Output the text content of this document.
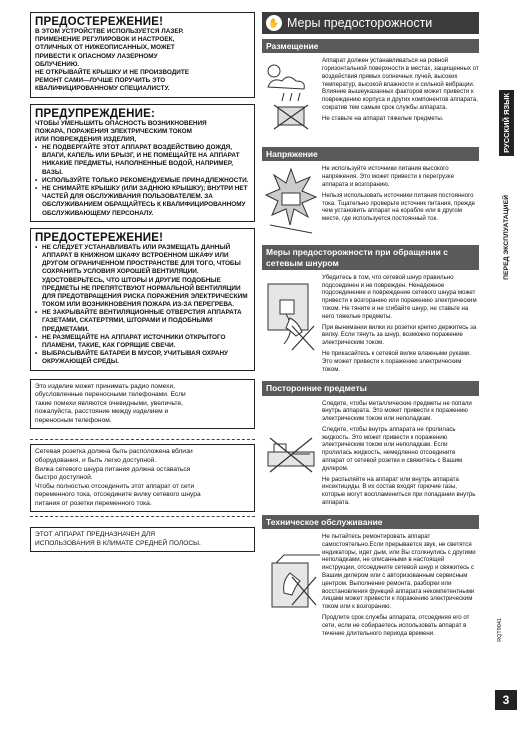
ПРЕДОСТЕРЕЖЕНИЕ!
В ЭТОМ УСТРОЙСТВЕ ИСПОЛЬЗУЕТСЯ ЛАЗЕР.
ПРИМЕНЕНИЕ РЕГУЛИРОВОК И НАСТРОЕК,
ОТЛИЧНЫХ ОТ НИЖЕОПИСАННЫХ, МОЖЕТ
ПРИВЕСТИ К ОПАСНОМУ ЛАЗЕРНОМУ
ОБЛУЧЕНИЮ.
НЕ ОТКРЫВАЙТЕ КРЫШКУ И НЕ ПРОИЗВОДИТЕ
РЕМОНТ САМИ—ЛУЧШЕ ПОРУЧИТЬ ЭТО
КВАЛИФИЦИРОВАННОМУ СПЕЦИАЛИСТУ.
ПРЕДУПРЕЖДЕНИЕ:
ЧТОБЫ УМЕНЬШИТЬ ОПАСНОСТЬ ВОЗНИКНОВЕНИЯ
ПОЖАРА, ПОРАЖЕНИЯ ЭЛЕКТРИЧЕСКИМ ТОКОМ
ИЛИ ПОВРЕЖДЕНИЯ ИЗДЕЛИЯ,
• НЕ ПОДВЕРГАЙТЕ ЭТОТ АППАРАТ ВОЗДЕЙСТВИЮ ДОЖДЯ, ВЛАГИ, КАПЕЛЬ ИЛИ БРЫЗГ, И НЕ ПОМЕЩАЙТЕ НА АППАРАТ НИКАКИЕ ПРЕДМЕТЫ, НАПОЛНЕННЫЕ ВОДОЙ, НАПРИМЕР, ВАЗЫ.
• ИСПОЛЬЗУЙТЕ ТОЛЬКО РЕКОМЕНДУЕМЫЕ ПРИНАДЛЕЖНОСТИ.
• НЕ СНИМАЙТЕ КРЫШКУ (ИЛИ ЗАДНЮЮ КРЫШКУ); ВНУТРИ НЕТ ЧАСТЕЙ ДЛЯ ОБСЛУЖИВАНИЯ ПОЛЬЗОВАТЕЛЕМ. ЗА ОБСЛУЖИВАНИЕМ ОБРАЩАЙТЕСЬ К КВАЛИФИЦИРОВАННОМУ ОБСЛУЖИВАЮЩЕМУ ПЕРСОНАЛУ.
ПРЕДОСТЕРЕЖЕНИЕ!
• НЕ СЛЕДУЕТ УСТАНАВЛИВАТЬ ИЛИ РАЗМЕЩАТЬ ДАННЫЙ АППАРАТ В КНИЖНОМ ШКАФУ ВСТРОЕННОМ ШКАФУ ИЛИ ДРУГОМ ОГРАНИЧЕННОМ ПРОСТРАНСТВЕ ДЛЯ ТОГО, ЧТОБЫ СОХРАНИТЬ УСЛОВИЯ ХОРОШЕЙ ВЕНТИЛЯЦИИ. УДОСТОВЕРЬТЕСЬ, ЧТО ШТОРЫ И ДРУГИЕ ПОДОБНЫЕ ПРЕДМЕТЫ НЕ ПРЕПЯТСТВУЮТ НОРМАЛЬНОЙ ВЕНТИЛЯЦИИ ДЛЯ ПРЕДОТВРАЩЕНИЯ РИСКА ПОРАЖЕНИЯ ЭЛЕКТРИЧЕСКИМ ТОКОМ ИЛИ ВОЗНИКНОВЕНИЯ ПОЖАРА ИЗ-ЗА ПЕРЕГРЕВА.
• НЕ ЗАКРЫВАЙТЕ ВЕНТИЛЯЦИОННЫЕ ОТВЕРСТИЯ АППАРАТА ГАЗЕТАМИ, СКАТЕРТЯМИ, ШТОРАМИ И ПОДОБНЫМИ ПРЕДМЕТАМИ.
• НЕ РАЗМЕЩАЙТЕ НА АППАРАТ ИСТОЧНИКИ ОТКРЫТОГО ПЛАМЕНИ, ТАКИЕ, КАК ГОРЯЩИЕ СВЕЧИ.
• ВЫБРАСЫВАЙТЕ БАТАРЕИ В МУСОР, УЧИТЫВАЯ ОХРАНУ ОКРУЖАЮЩЕЙ СРЕДЫ.
Это изделие может принимать радио помехи,
обусловленные переносными телефонами. Если
такие помехи являются очевидными, увеличьте,
пожалуйста, расстояние между изделием и
переносным телефоном.
Сетевая розетка должна быть расположена вблизи
оборудования, и быть легко доступной.
Вилка сетевого шнура питания должна оставаться
быстро доступной.
Чтобы полностью отсоединить этот аппарат от сети
переменного тока, отсоедините вилку сетевого шнура
питания от розетки переменного тока.
ЭТОТ АППАРАТ ПРЕДНАЗНАЧЕН ДЛЯ
ИСПОЛЬЗОВАНИЯ В КЛИМАТЕ СРЕДНЕЙ ПОЛОСЫ.
✋ Меры предосторожности
Размещение

Аппарат должен устанавливаться на ровной горизонтальной поверхности в местах, защищенных от воздействия прямых солнечных лучей, высоких температур, высокой влажности и сильной вибрации. Влияние вышеуказанных факторов может привести к повреждению корпуса и других компонентов аппарата, сократив тем самым срок службы аппарата.

Не ставьте на аппарат тяжелые предметы.

Напряжение

Не используйте источники питания высокого напряжения. Это может привести к перегрузке аппарата и возгоранию.

Нельзя использовать источники питания постоянного тока. Тщательно проверьте источник питания, прежде чем установить аппарат на корабле или в другом месте, где используется постоянный ток.

Меры предосторожности при обращении с сетевым шнуром

Убедитесь в том, что сетевой шнур правильно подсоединен и не поврежден. Ненадежное подсоединение и повреждение сетевого шнура может привести к возгоранию или поражению электрическим током. Не тяните и не сгибайте шнур, не ставьте на него тяжелые предметы.

При вынимании вилки из розетки крепко держитесь за вилку. Если тянуть за шнур, возможно поражение электрическим током.

Не прикасайтесь к сетевой вилке влажными руками. Это может привести к поражению электрическим током.

Посторонние предметы

Следите, чтобы металлические предметы не попали внутрь аппарата. Это может привести к поражению электрическим током или неполадкам.

Следите, чтобы внутрь аппарата не пролилась жидкость. Это может привести к поражению электрическим током или неполадкам. Если пролилась жидкость, немедленно отсоедините аппарат от сетевой розетки и свяжитесь с Вашим дилером.

Не распыляйте на аппарат или внутрь аппарата инсектициды. В их состав входят горючие газы, которые могут воспламениться при попадании внутрь аппарата.

Техническое обслуживание

Не пытайтесь ремонтировать аппарат самостоятельно.Если прерывается звук, не светятся индикаторы, идет дым, или Вы столкнулись с другими неполадками, не описанными в настоящей инструкции, отсоедините сетевой шнур и свяжитесь с Вашим дилером или с авторизованным сервисным центром. Выполнение ремонта, разборки или восстановления функций аппарата некомпетентными лицами может привести к поражению электрическим током или к возгоранию.

Продлите срок службы аппарата, отсоединяя его от сети, если не собираетесь использовать аппарат в течение длительного периода времени.

РУССКИЙ ЯЗЫК
ПЕРЕД ЭКСПЛУАТАЦИЕЙ
RQT9041
3
